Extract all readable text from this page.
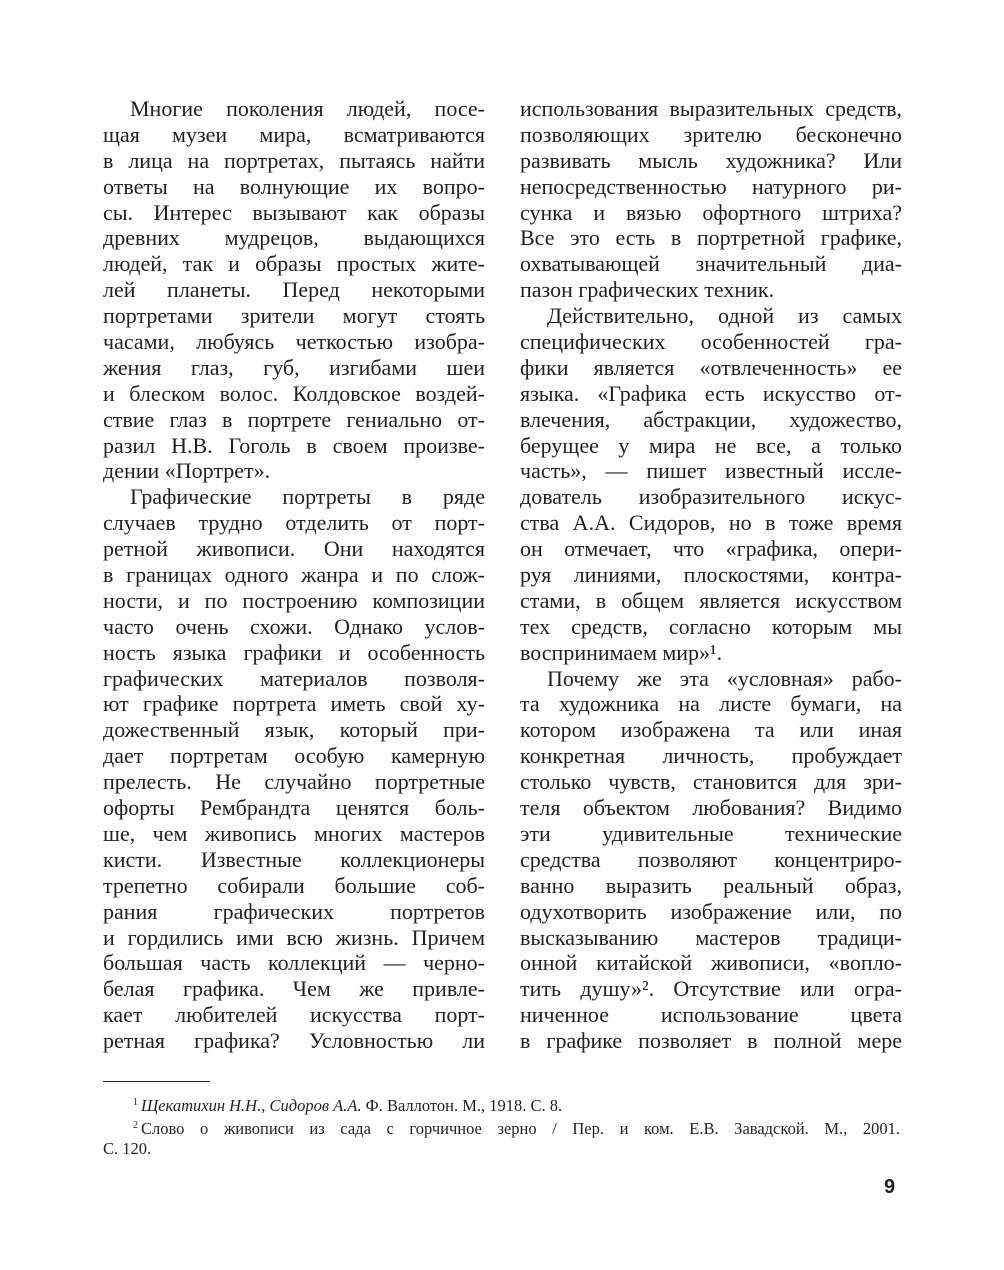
Многие поколения людей, посе-
щая музеи мира, всматриваются
в лица на портретах, пытаясь найти
ответы на волнующие их вопро-
сы. Интерес вызывают как образы
древних мудрецов, выдающихся
людей, так и образы простых жите-
лей планеты. Перед некоторыми
портретами зрители могут стоять
часами, любуясь четкостью изобра-
жения глаз, губ, изгибами шеи
и блеском волос. Колдовское воздей-
ствие глаз в портрете гениально от-
разил Н.В. Гоголь в своем произве-
дении «Портрет».
Графические портреты в ряде
случаев трудно отделить от порт-
ретной живописи. Они находятся
в границах одного жанра и по слож-
ности, и по построению композиции
часто очень схожи. Однако услов-
ность языка графики и особенность
графических материалов позволя-
ют графике портрета иметь свой ху-
дожественный язык, который при-
дает портретам особую камерную
прелесть. Не случайно портретные
офорты Рембрандта ценятся боль-
ше, чем живопись многих мастеров
кисти. Известные коллекционеры
трепетно собирали большие соб-
рания графических портретов
и гордились ими всю жизнь. Причем
большая часть коллекций — черно-
белая графика. Чем же привле-
кает любителей искусства порт-
ретная графика? Условностью ли
использования выразительных средств,
позволяющих зрителю бесконечно
развивать мысль художника? Или
непосредственностью натурного ри-
сунка и вязью офортного штриха?
Все это есть в портретной графике,
охватывающей значительный диа-
пазон графических техник.
Действительно, одной из самых
специфических особенностей гра-
фики является «отвлеченность» ее
языка. «Графика есть искусство от-
влечения, абстракции, художество,
берущее у мира не все, а только
часть», — пишет известный иссле-
дователь изобразительного искус-
ства А.А. Сидоров, но в тоже время
он отмечает, что «графика, опери-
руя линиями, плоскостями, контра-
стами, в общем является искусством
тех средств, согласно которым мы
воспринимаем мир»¹.
Почему же эта «условная» рабо-
та художника на листе бумаги, на
котором изображена та или иная
конкретная личность, пробуждает
столько чувств, становится для зри-
теля объектом любования? Видимо
эти удивительные технические
средства позволяют концентриро-
ванно выразить реальный образ,
одухотворить изображение или, по
высказыванию мастеров традици-
онной китайской живописи, «вопло-
тить душу»². Отсутствие или огра-
ниченное использование цвета
в графике позволяет в полной мере
$^1$ Щекатихин Н.Н., Сидоров А.А. Ф. Валлотон. М., 1918. С. 8.
$^2$ Слово о живописи из сада с горчичное зерно / Пер. и ком. Е.В. Завадской. М., 2001.
С. 120.
9
